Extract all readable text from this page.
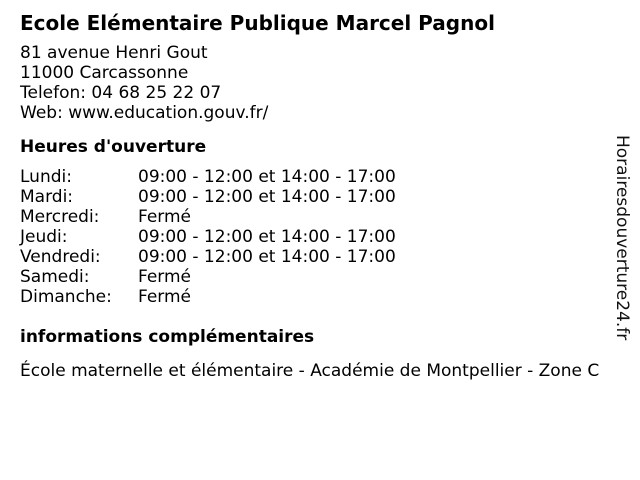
Ecole Elémentaire Publique Marcel Pagnol
81 avenue Henri Gout
11000 Carcassonne
Telefon: 04 68 25 22 07
Web: www.education.gouv.fr/
Heures d'ouverture
Lundi:	09:00 - 12:00 et 14:00 - 17:00
Mardi:	09:00 - 12:00 et 14:00 - 17:00
Mercredi:	Fermé
Jeudi:	09:00 - 12:00 et 14:00 - 17:00
Vendredi:	09:00 - 12:00 et 14:00 - 17:00
Samedi:	Fermé
Dimanche:	Fermé
informations complémentaires
École maternelle et élémentaire - Académie de Montpellier - Zone C
Horairesdouverture24.fr
